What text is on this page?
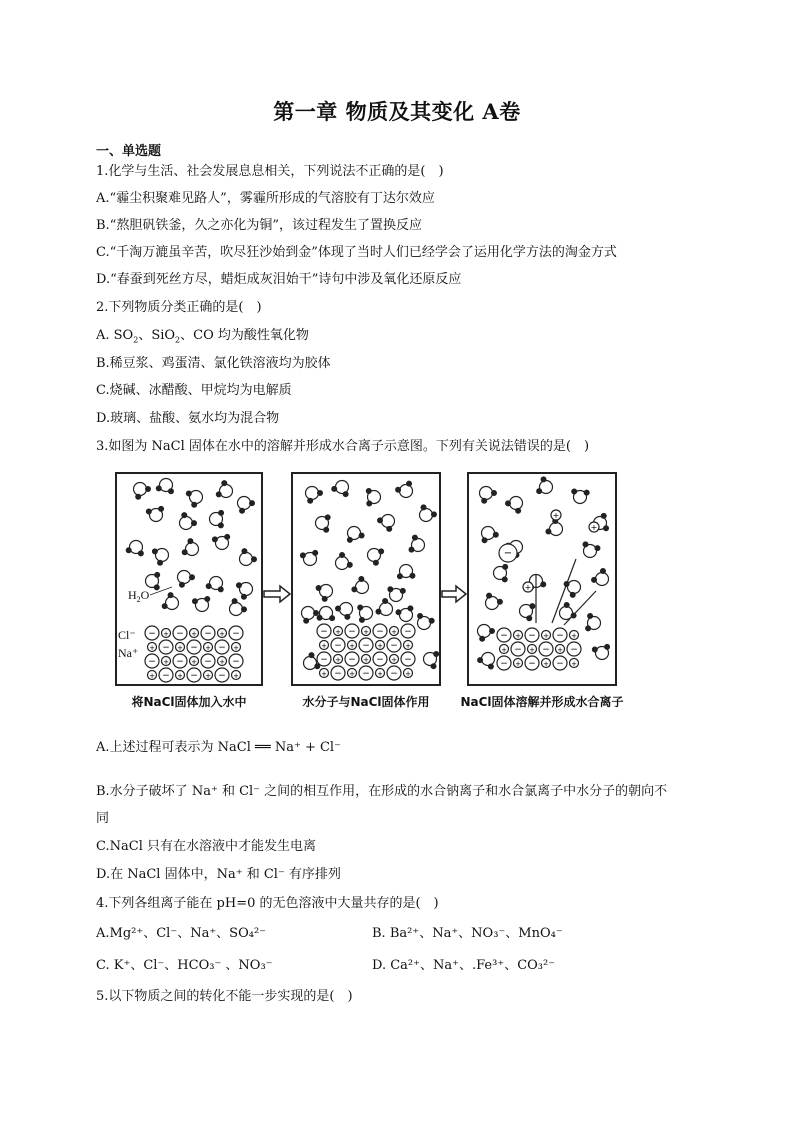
第一章 物质及其变化 A卷
一、单选题
1.化学与生活、社会发展息息相关，下列说法不正确的是(　)
A.“霾尘积聚难见路人”，雾霾所形成的气溶胶有丁达尔效应
B.“熬胆矾铁釜，久之亦化为铜”，该过程发生了置换反应
C.“千淘万漉虽辛苦，吹尽狂沙始到金”体现了当时人们已经学会了运用化学方法的淘金方式
D.“春蚕到死丝方尽，蜡炬成灰泪始干”诗句中涉及氧化还原反应
2.下列物质分类正确的是(　)
A. $SO_2$、SiO$_2$、CO 均为酸性氧化物
B.稀豆浆、鸡蛋清、氯化铁溶液均为胶体
C.烧碱、冰醋酸、甲烷均为电解质
D.玻璃、盐酸、氨水均为混合物
3.如图为 NaCl 固体在水中的溶解并形成水合离子示意图。下列有关说法错误的是(　)
−
+
+
+
− + − + − + −
+ − + − + − +
− + − + − + −
+ − + − + − +
− + − + − + −
+ − + − + − +
− + − + − + −
+ − + − + − +
− + − + − +
+ − + − + −
− + − + − +
$H_2O$
Cl⁻
Na⁺
将NaCl固体加入水中	水分子与NaCl固体作用	NaCl固体溶解并形成水合离子
A.上述过程可表示为 NaCl ══ Na⁺ + Cl⁻
B.水分子破坏了 Na⁺ 和 Cl⁻ 之间的相互作用，在形成的水合钠离子和水合氯离子中水分子的朝向不
同
C.NaCl 只有在水溶液中才能发生电离
D.在 NaCl 固体中，Na⁺ 和 Cl⁻ 有序排列
4.下列各组离子能在 pH=0 的无色溶液中大量共存的是(　)
A.Mg²⁺、Cl⁻、Na⁺、SO₄²⁻	B. Ba²⁺、Na⁺、NO₃⁻、MnO₄⁻
C. K⁺、Cl⁻、HCO₃⁻ 、NO₃⁻	D. Ca²⁺、Na⁺、.Fe³⁺、CO₃²⁻
5.以下物质之间的转化不能一步实现的是(　)
